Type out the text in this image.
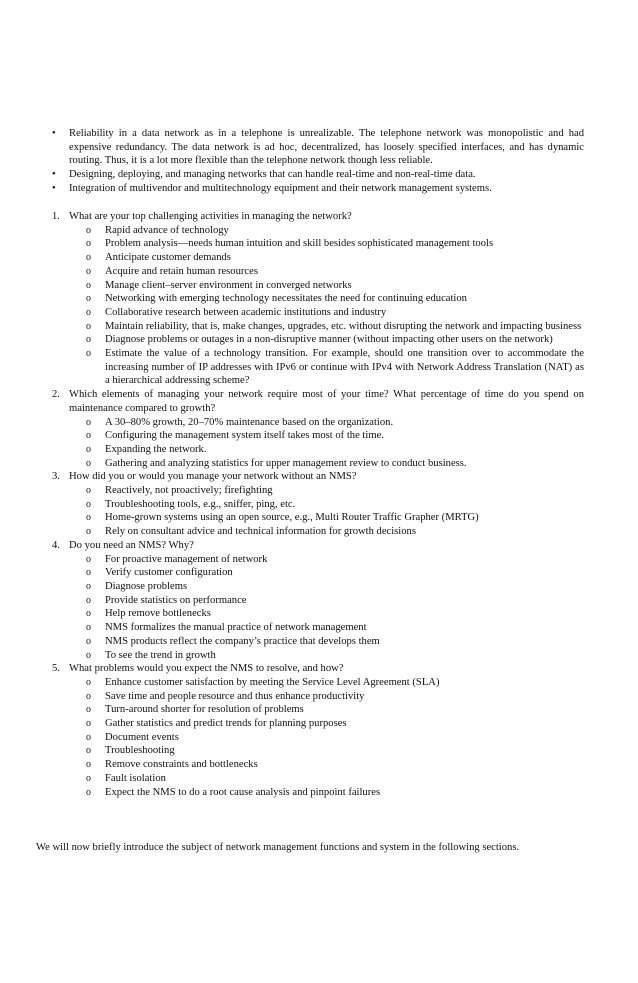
• Reliability in a data network as in a telephone is unrealizable. The telephone network was monopolistic and had expensive redundancy. The data network is ad hoc, decentralized, has loosely specified interfaces, and has dynamic routing. Thus, it is a lot more flexible than the telephone network though less reliable.
• Designing, deploying, and managing networks that can handle real-time and non-real-time data.
• Integration of multivendor and multitechnology equipment and their network management systems.
1. What are your top challenging activities in managing the network?
o Rapid advance of technology
o Problem analysis—needs human intuition and skill besides sophisticated management tools
o Anticipate customer demands
o Acquire and retain human resources
o Manage client–server environment in converged networks
o Networking with emerging technology necessitates the need for continuing education
o Collaborative research between academic institutions and industry
o Maintain reliability, that is, make changes, upgrades, etc. without disrupting the network and impacting business
o Diagnose problems or outages in a non-disruptive manner (without impacting other users on the network)
o Estimate the value of a technology transition. For example, should one transition over to accommodate the increasing number of IP addresses with IPv6 or continue with IPv4 with Network Address Translation (NAT) as a hierarchical addressing scheme?
2. Which elements of managing your network require most of your time? What percentage of time do you spend on maintenance compared to growth?
o A 30–80% growth, 20–70% maintenance based on the organization.
o Configuring the management system itself takes most of the time.
o Expanding the network.
o Gathering and analyzing statistics for upper management review to conduct business.
3. How did you or would you manage your network without an NMS?
o Reactively, not proactively; firefighting
o Troubleshooting tools, e.g., sniffer, ping, etc.
o Home-grown systems using an open source, e.g., Multi Router Traffic Grapher (MRTG)
o Rely on consultant advice and technical information for growth decisions
4. Do you need an NMS? Why?
o For proactive management of network
o Verify customer configuration
o Diagnose problems
o Provide statistics on performance
o Help remove bottlenecks
o NMS formalizes the manual practice of network management
o NMS products reflect the company’s practice that develops them
o To see the trend in growth
5. What problems would you expect the NMS to resolve, and how?
o Enhance customer satisfaction by meeting the Service Level Agreement (SLA)
o Save time and people resource and thus enhance productivity
o Turn-around shorter for resolution of problems
o Gather statistics and predict trends for planning purposes
o Document events
o Troubleshooting
o Remove constraints and bottlenecks
o Fault isolation
o Expect the NMS to do a root cause analysis and pinpoint failures

We will now briefly introduce the subject of network management functions and system in the following sections.
